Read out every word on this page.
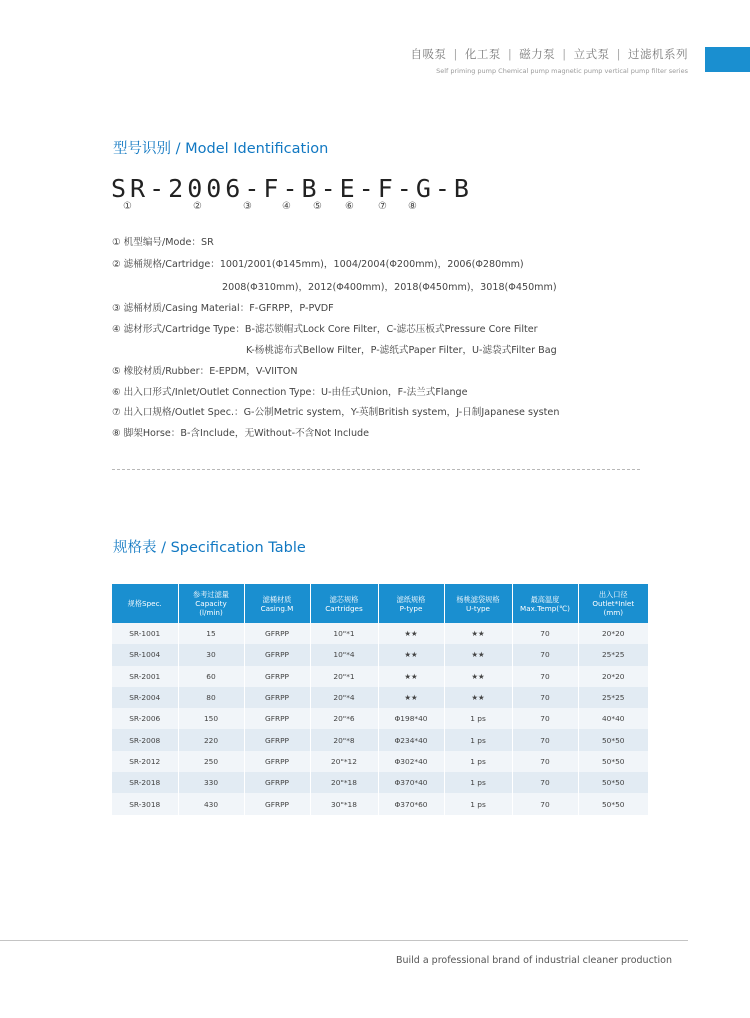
自吸泵 | 化工泵 | 磁力泵 | 立式泵 | 过滤机系列
Self priming pump Chemical pump magnetic pump vertical pump filter series
型号识别 / Model Identification
SR-2006-F-B-E-F-G-B
①	②	③	④ ⑤ ⑥ ⑦ ⑧
① 机型编号/Mode：SR
② 滤桶规格/Cartridge：1001/2001(Φ145mm)，1004/2004(Φ200mm)，2006(Φ280mm)
2008(Φ310mm)，2012(Φ400mm)，2018(Φ450mm)，3018(Φ450mm)
③ 滤桶材质/Casing Material：F-GFRPP，P-PVDF
④ 滤材形式/Cartridge Type：B-滤芯锁帽式Lock Core Filter，C-滤芯压板式Pressure Core Filter
K-杨桃滤布式Bellow Filter，P-滤纸式Paper Filter，U-滤袋式Filter Bag
⑤ 橡胶材质/Rubber：E-EPDM，V-VIITON
⑥ 出入口形式/Inlet/Outlet Connection Type：U-由任式Union，F-法兰式Flange
⑦ 出入口规格/Outlet Spec.：G-公制Metric system，Y-英制British system，J-日制Japanese systen
⑧ 脚架Horse：B-含Include，无Without-不含Not Include
规格表 / Specification Table
规格Spec.	参考过滤量
Capacity
(l/min)	滤桶材质
Casing.M	滤芯规格
Cartridges	滤纸规格
P-type	杨桃滤袋规格
U-type	最高温度
Max.Temp(℃)	出入口径
Outlet*Inlet
(mm)
SR-1001	15	GFRPP	10"*1	★★	★★	70	20*20
SR-1004	30	GFRPP	10"*4	★★	★★	70	25*25
SR-2001	60	GFRPP	20"*1	★★	★★	70	20*20
SR-2004	80	GFRPP	20"*4	★★	★★	70	25*25
SR-2006	150	GFRPP	20"*6	Φ198*40	1 ps	70	40*40
SR-2008	220	GFRPP	20"*8	Φ234*40	1 ps	70	50*50
SR-2012	250	GFRPP	20"*12	Φ302*40	1 ps	70	50*50
SR-2018	330	GFRPP	20"*18	Φ370*40	1 ps	70	50*50
SR-3018	430	GFRPP	30"*18	Φ370*60	1 ps	70	50*50
Build a professional brand of industrial cleaner production
